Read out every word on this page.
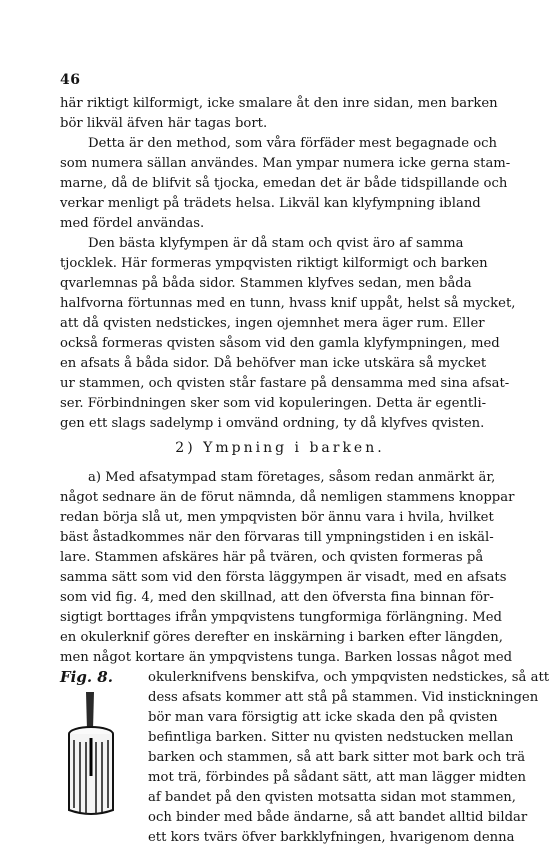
46
här riktigt kilformigt, icke smalare åt den inre sidan, men barken
bör likväl äfven här tagas bort.
Detta är den method, som våra förfäder mest begagnade och
som numera sällan användes. Man ympar numera icke gerna stam-
marne, då de blifvit så tjocka, emedan det är både tidspillande och
verkar menligt på trädets helsa. Likväl kan klyfympning ibland
med fördel användas.
Den bästa klyfympen är då stam och qvist äro af samma
tjocklek. Här formeras ympqvisten riktigt kilformigt och barken
qvarlemnas på båda sidor. Stammen klyfves sedan, men båda
halfvorna förtunnas med en tunn, hvass knif uppåt, helst så mycket,
att då qvisten nedstickes, ingen ojemnhet mera äger rum. Eller
också formeras qvisten såsom vid den gamla klyfympningen, med
en afsats å båda sidor. Då behöfver man icke utskära så mycket
ur stammen, och qvisten står fastare på densamma med sina afsat-
ser. Förbindningen sker som vid kopuleringen. Detta är egentli-
gen ett slags sadelymp i omvänd ordning, ty då klyfves qvisten.
2) Ympning i barken.
a) Med afsatympad stam företages, såsom redan anmärkt är,
något sednare än de förut nämnda, då nemligen stammens knoppar
redan börja slå ut, men ympqvisten bör ännu vara i hvila, hvilket
bäst åstadkommes när den förvaras till ympningstiden i en iskäl-
lare. Stammen afskäres här på tvären, och qvisten formeras på
samma sätt som vid den första läggympen är visadt, med en afsats
som vid fig. 4, med den skillnad, att den öfversta fina binnan för-
sigtigt borttages ifrån ympqvistens tungformiga förlängning. Med
en okulerknif göres derefter en inskärning i barken efter längden,
men något kortare än ympqvistens tunga. Barken lossas något med
Fig. 8.	okulerknifvens benskifva, och ympqvisten nedstickes, så att
dess afsats kommer att stå på stammen. Vid instickningen
bör man vara försigtig att icke skada den på qvisten
befintliga barken. Sitter nu qvisten nedstucken mellan
barken och stammen, så att bark sitter mot bark och trä
mot trä, förbindes på sådant sätt, att man lägger midten
af bandet på den qvisten motsatta sidan mot stammen,
och binder med både ändarne, så att bandet alltid bildar
ett kors tvärs öfver barkklyfningen, hvarigenom denna
